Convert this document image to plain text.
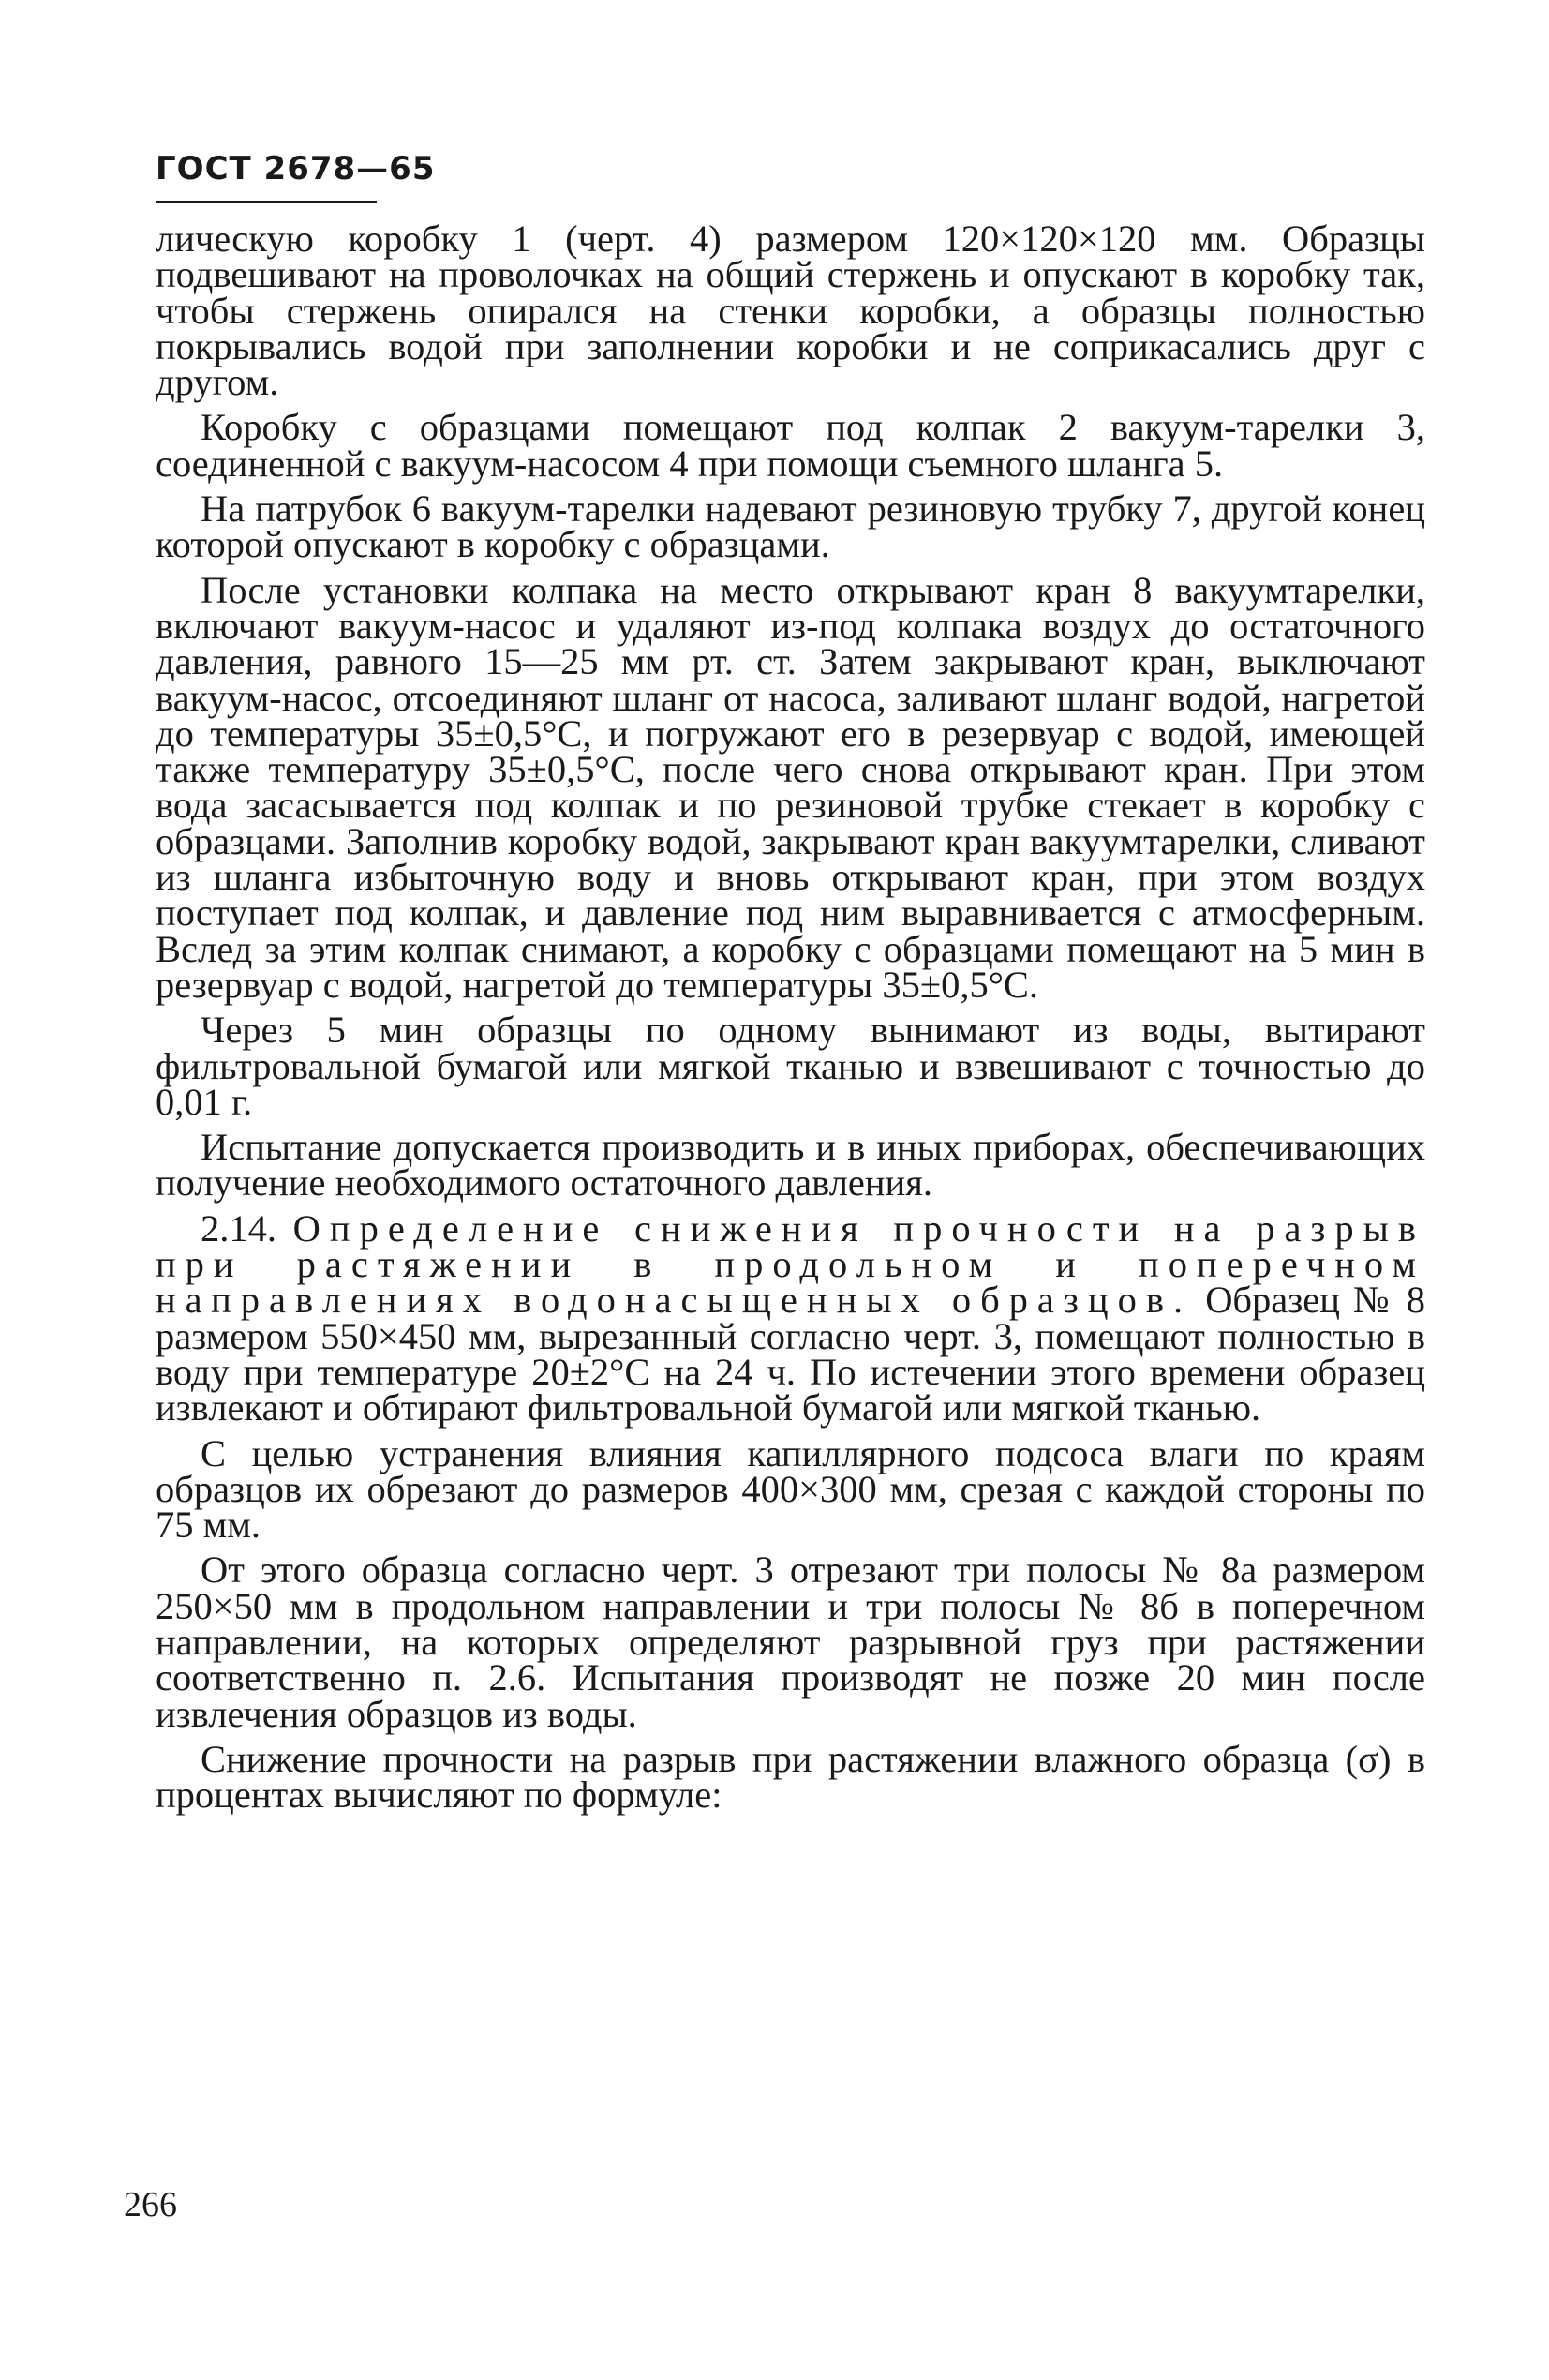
ГОСТ 2678—65

лическую коробку 1 (черт. 4) размером 120×120×120 мм. Образцы подвешивают на проволочках на общий стержень и опускают в коробку так, чтобы стержень опирался на стенки коробки, а образцы полностью покрывались водой при заполнении коробки и не соприкасались друг с другом.

Коробку с образцами помещают под колпак 2 вакуум-тарелки 3, соединенной с вакуум-насосом 4 при помощи съемного шланга 5.

На патрубок 6 вакуум-тарелки надевают резиновую трубку 7, другой конец которой опускают в коробку с образцами.

После установки колпака на место открывают кран 8 вакуумтарелки, включают вакуум-насос и удаляют из-под колпака воздух до остаточного давления, равного 15—25 мм рт. ст. Затем закрывают кран, выключают вакуум-насос, отсоединяют шланг от насоса, заливают шланг водой, нагретой до температуры 35±0,5°С, и погружают его в резервуар с водой, имеющей также температуру 35±0,5°С, после чего снова открывают кран. При этом вода засасывается под колпак и по резиновой трубке стекает в коробку с образцами. Заполнив коробку водой, закрывают кран вакуумтарелки, сливают из шланга избыточную воду и вновь открывают кран, при этом воздух поступает под колпак, и давление под ним выравнивается с атмосферным. Вслед за этим колпак снимают, а коробку с образцами помещают на 5 мин в резервуар с водой, нагретой до температуры 35±0,5°С.

Через 5 мин образцы по одному вынимают из воды, вытирают фильтровальной бумагой или мягкой тканью и взвешивают с точностью до 0,01 г.

Испытание допускается производить и в иных приборах, обеспечивающих получение необходимого остаточного давления.

2.14. Определение снижения прочности на разрыв при растяжении в продольном и поперечном направлениях водонасыщенных образцов. Образец № 8 размером 550×450 мм, вырезанный согласно черт. 3, помещают полностью в воду при температуре 20±2°С на 24 ч. По истечении этого времени образец извлекают и обтирают фильтровальной бумагой или мягкой тканью.

С целью устранения влияния капиллярного подсоса влаги по краям образцов их обрезают до размеров 400×300 мм, срезая с каждой стороны по 75 мм.

От этого образца согласно черт. 3 отрезают три полосы № 8а размером 250×50 мм в продольном направлении и три полосы № 8б в поперечном направлении, на которых определяют разрывной груз при растяжении соответственно п. 2.6. Испытания производят не позже 20 мин после извлечения образцов из воды.

Снижение прочности на разрыв при растяжении влажного образца (σ) в процентах вычисляют по формуле:

266
